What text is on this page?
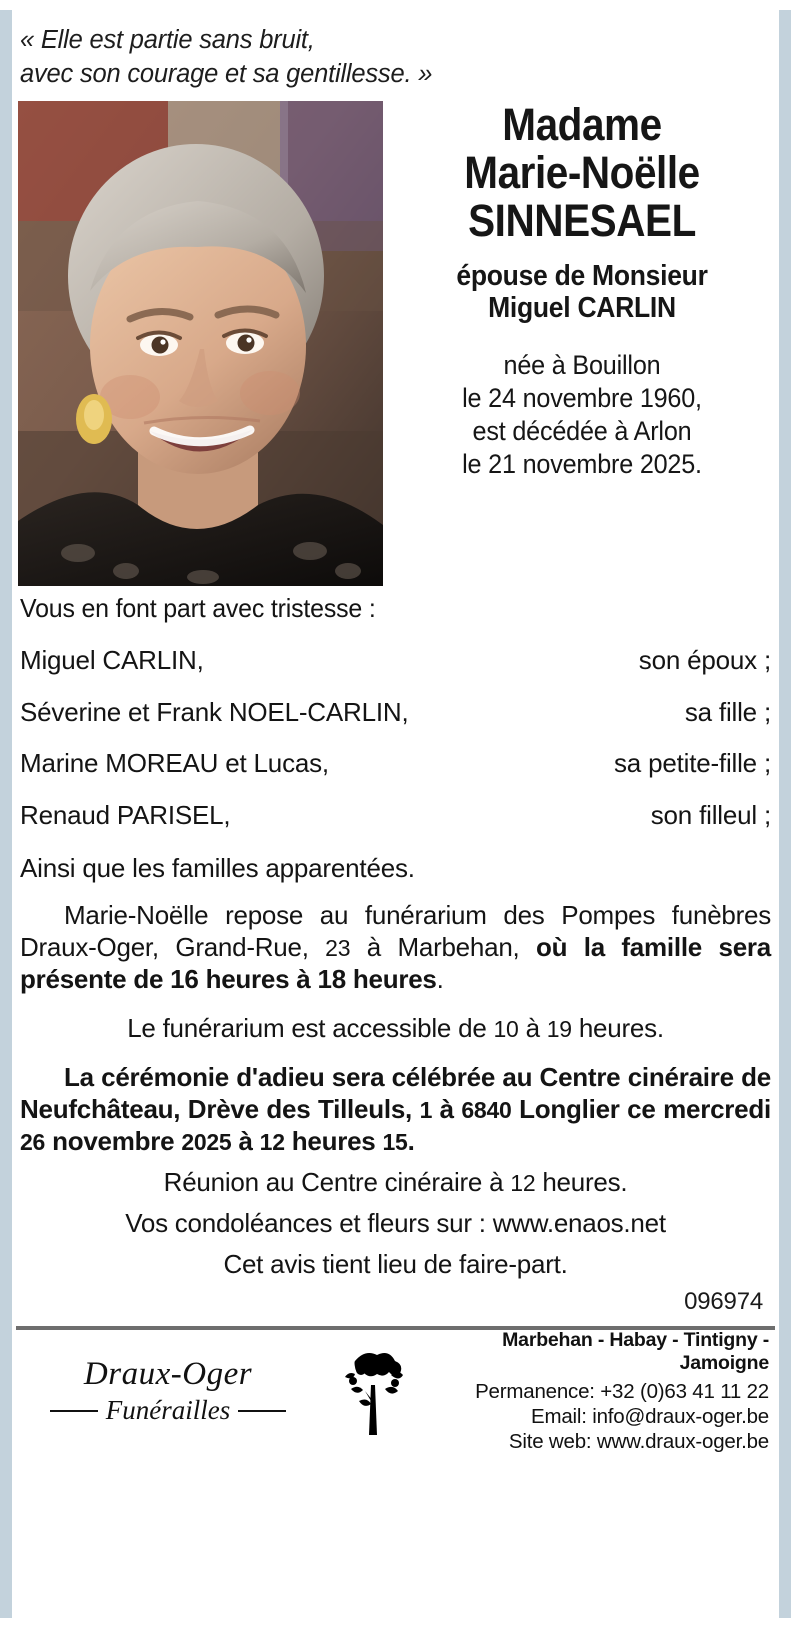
« Elle est partie sans bruit,
avec son courage et sa gentillesse. »
Madame
Marie-Noëlle
SINNESAEL
épouse de Monsieur
Miguel CARLIN
née à Bouillon
le 24 novembre 1960,
est décédée à Arlon
le 21 novembre 2025.
Vous en font part avec tristesse :
Miguel CARLIN,	son époux ;
Séverine et Frank NOEL-CARLIN,	sa fille ;
Marine MOREAU et Lucas,	sa petite-fille ;
Renaud PARISEL,	son filleul ;
Ainsi que les familles apparentées.
Marie-Noëlle repose au funérarium des Pompes funèbres Draux-Oger, Grand-Rue, 23 à Marbehan, où la famille sera présente de 16 heures à 18 heures.
Le funérarium est accessible de 10 à 19 heures.
La cérémonie d'adieu sera célébrée au Centre cinéraire de Neufchâteau, Drève des Tilleuls, 1 à 6840 Longlier ce mercredi 26 novembre 2025 à 12 heures 15.
Réunion au Centre cinéraire à 12 heures.
Vos condoléances et fleurs sur : www.enaos.net
Cet avis tient lieu de faire-part.
096974
Draux-Oger
Funérailles
Marbehan - Habay - Tintigny - Jamoigne
Permanence: +32 (0)63 41 11 22
Email: info@draux-oger.be
Site web: www.draux-oger.be
